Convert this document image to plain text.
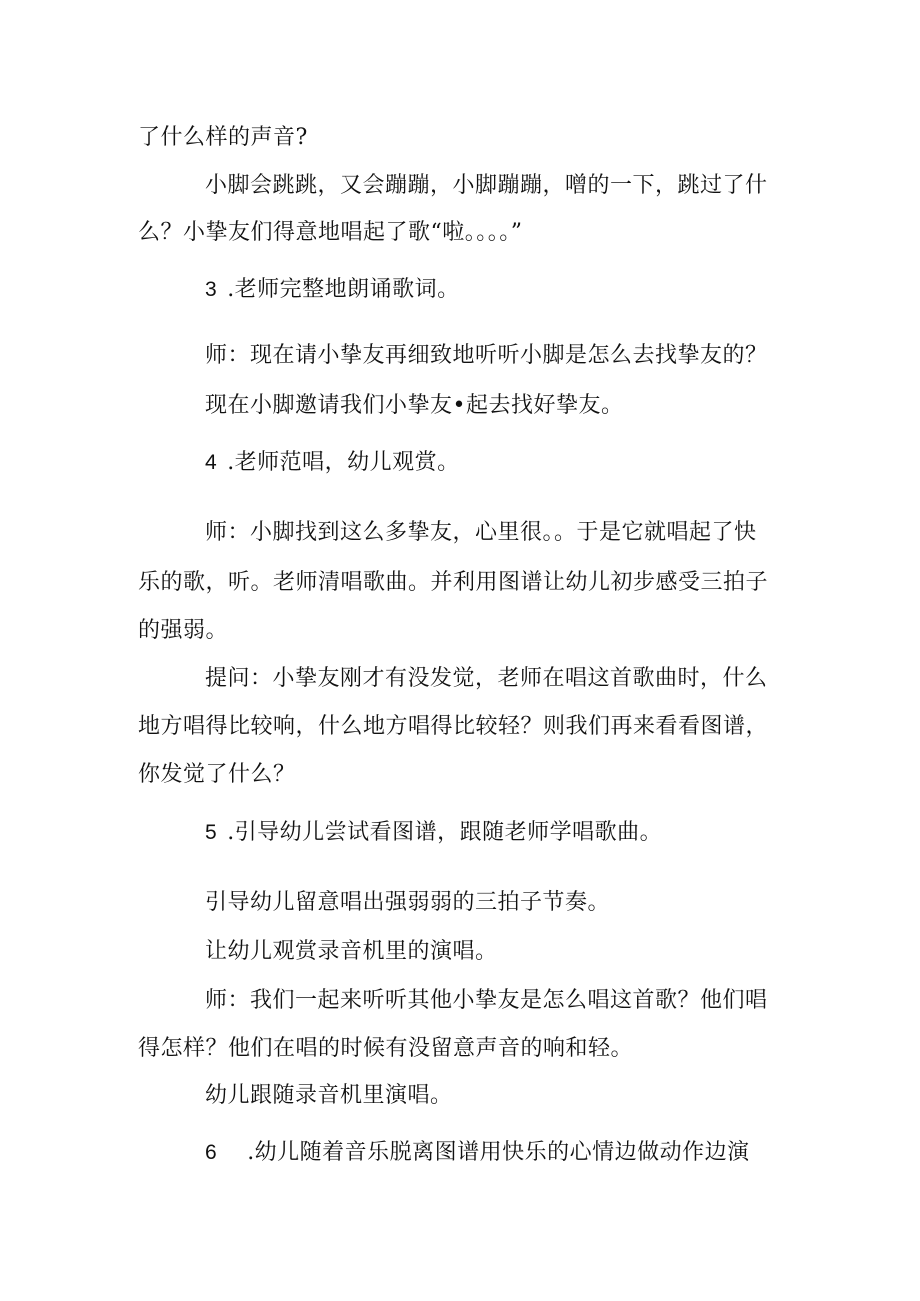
了什么样的声音?
小脚会跳跳，又会蹦蹦，小脚蹦蹦，噌的一下，跳过了什
么？小挚友们得意地唱起了歌“啦。。。。”
3 .老师完整地朗诵歌词。
师：现在请小挚友再细致地听听小脚是怎么去找挚友的？
现在小脚邀请我们小挚友•起去找好挚友。
4 .老师范唱，幼儿观赏。
师：小脚找到这么多挚友，心里很。。于是它就唱起了快
乐的歌，听。老师清唱歌曲。并利用图谱让幼儿初步感受三拍子
的强弱。
提问：小挚友刚才有没发觉，老师在唱这首歌曲时，什么
地方唱得比较响，什么地方唱得比较轻？则我们再来看看图谱，
你发觉了什么？
5 .引导幼儿尝试看图谱，跟随老师学唱歌曲。
引导幼儿留意唱出强弱弱的三拍子节奏。
让幼儿观赏录音机里的演唱。
师：我们一起来听听其他小挚友是怎么唱这首歌？他们唱
得怎样？他们在唱的时候有没留意声音的响和轻。
幼儿跟随录音机里演唱。
6 .幼儿随着音乐脱离图谱用快乐的心情边做动作边演
